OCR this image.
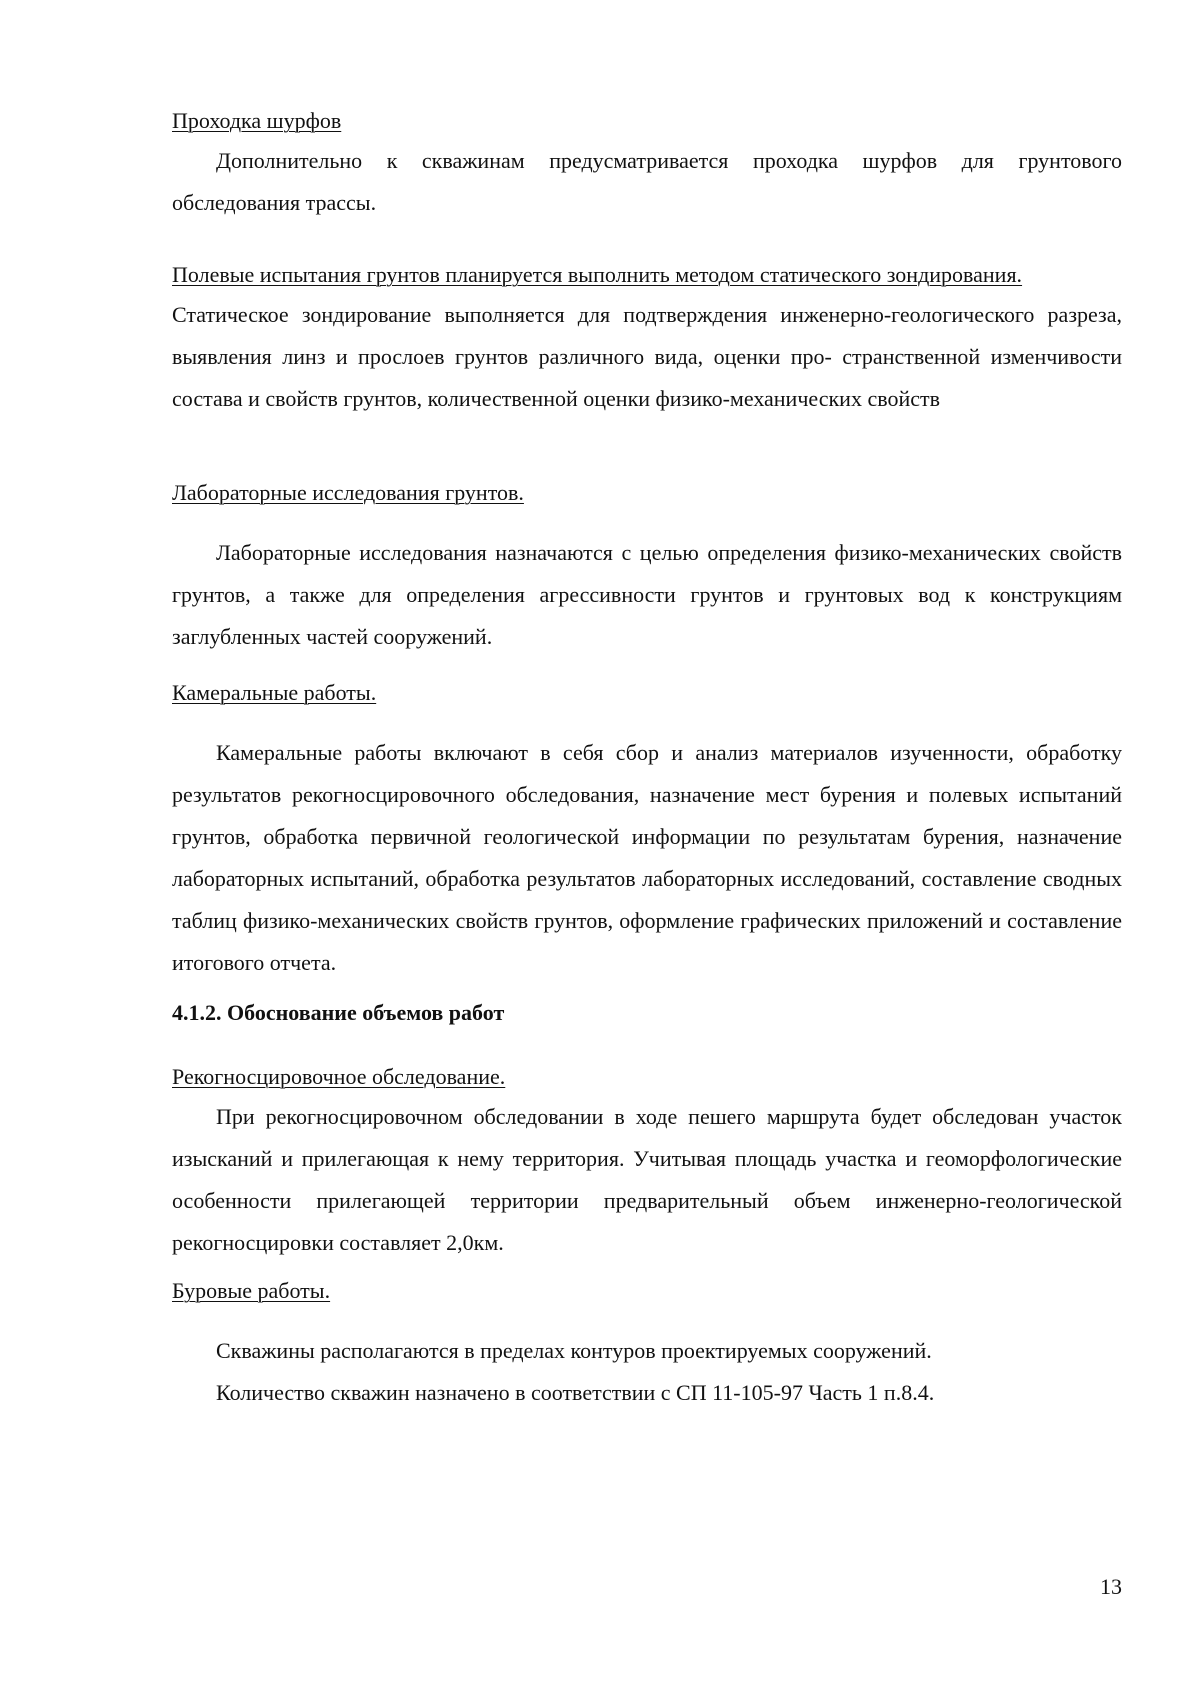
Проходка шурфов

Дополнительно к скважинам предусматривается проходка шурфов для грунтового обследования трассы.

Полевые испытания грунтов планируется выполнить методом статического зондирования.

Статическое зондирование выполняется для подтверждения инженерно-геологического разреза, выявления линз и прослоев грунтов различного вида, оценки про- странственной изменчивости состава и свойств грунтов, количественной оценки физико-механических свойств

Лабораторные исследования грунтов.

Лабораторные исследования назначаются с целью определения физико-механических свойств грунтов, а также для определения агрессивности грунтов и грунтовых вод к конструкциям заглубленных частей сооружений.

Камеральные работы.

Камеральные работы включают в себя сбор и анализ материалов изученности, обработку результатов рекогносцировочного обследования, назначение мест бурения и полевых испытаний грунтов, обработка первичной геологической информации по результатам бурения, назначение лабораторных испытаний, обработка результатов лабораторных исследований, составление сводных таблиц физико-механических свойств грунтов, оформление графических приложений и составление итогового отчета.

4.1.2. Обоснование объемов работ
Рекогносцировочное обследование.

При рекогносцировочном обследовании в ходе пешего маршрута будет обследован участок изысканий и прилегающая к нему территория. Учитывая площадь участка и геоморфологические особенности прилегающей территории предварительный объем инженерно-геологической рекогносцировки составляет 2,0км.

Буровые работы.
Скважины располагаются в пределах контуров проектируемых сооружений.
Количество скважин назначено в соответствии с СП 11-105-97 Часть 1 п.8.4.
13
